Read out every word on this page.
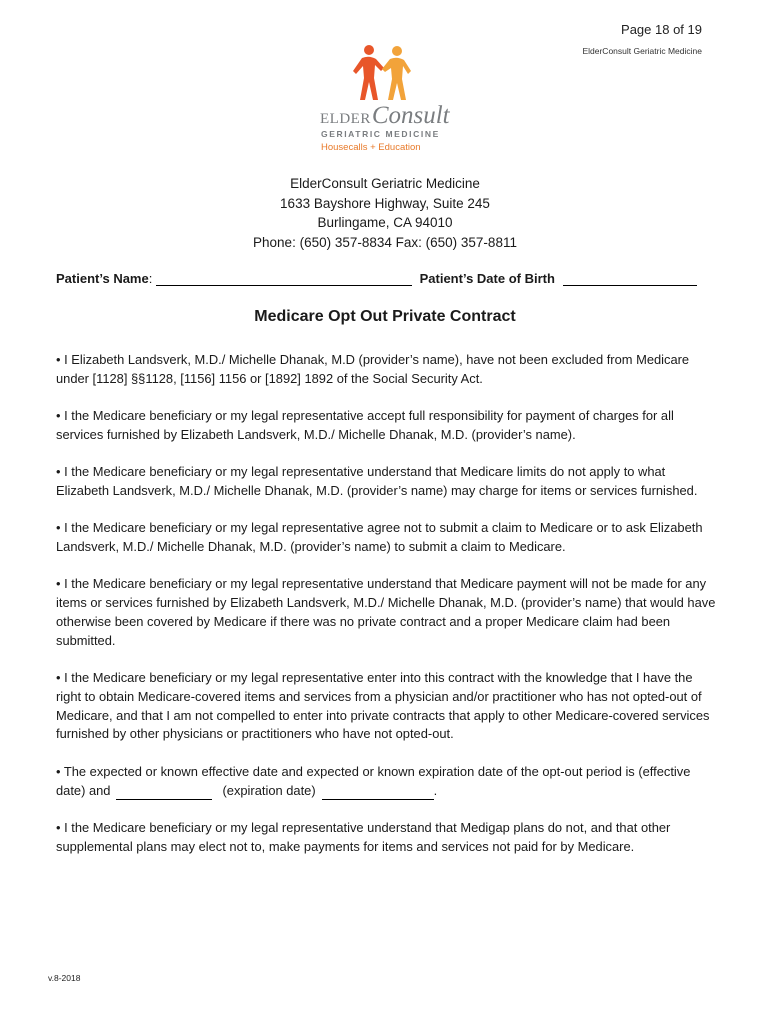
Page 18 of 19
ElderConsult Geriatric Medicine
ELDERConsult
GERIATRIC MEDICINE
Housecalls + Education
ElderConsult Geriatric Medicine
1633 Bayshore Highway, Suite 245
Burlingame, CA 94010
Phone: (650) 357-8834 Fax: (650) 357-8811
Patient’s Name:	Patient’s Date of Birth
Medicare Opt Out Private Contract

• I Elizabeth Landsverk, M.D./ Michelle Dhanak, M.D (provider’s name), have not been excluded from Medicare under [1128] §§1128, [1156] 1156 or [1892] 1892 of the Social Security Act.

• I the Medicare beneficiary or my legal representative accept full responsibility for payment of charges for all services furnished by Elizabeth Landsverk, M.D./ Michelle Dhanak, M.D. (provider’s name).

• I the Medicare beneficiary or my legal representative understand that Medicare limits do not apply to what Elizabeth Landsverk, M.D./ Michelle Dhanak, M.D. (provider’s name) may charge for items or services furnished.

• I the Medicare beneficiary or my legal representative agree not to submit a claim to Medicare or to ask Elizabeth Landsverk, M.D./ Michelle Dhanak, M.D. (provider’s name) to submit a claim to Medicare.

• I the Medicare beneficiary or my legal representative understand that Medicare payment will not be made for any items or services furnished by Elizabeth Landsverk, M.D./ Michelle Dhanak, M.D. (provider’s name) that would have otherwise been covered by Medicare if there was no private contract and a proper Medicare claim had been submitted.

• I the Medicare beneficiary or my legal representative enter into this contract with the knowledge that I have the right to obtain Medicare-covered items and services from a physician and/or practitioner who has not opted-out of Medicare, and that I am not compelled to enter into private contracts that apply to other Medicare-covered services furnished by other physicians or practitioners who have not opted-out.

• The expected or known effective date and expected or known expiration date of the opt-out period is (effective date) and	(expiration date)	.

• I the Medicare beneficiary or my legal representative understand that Medigap plans do not, and that other supplemental plans may elect not to, make payments for items and services not paid for by Medicare.

v.8-2018
